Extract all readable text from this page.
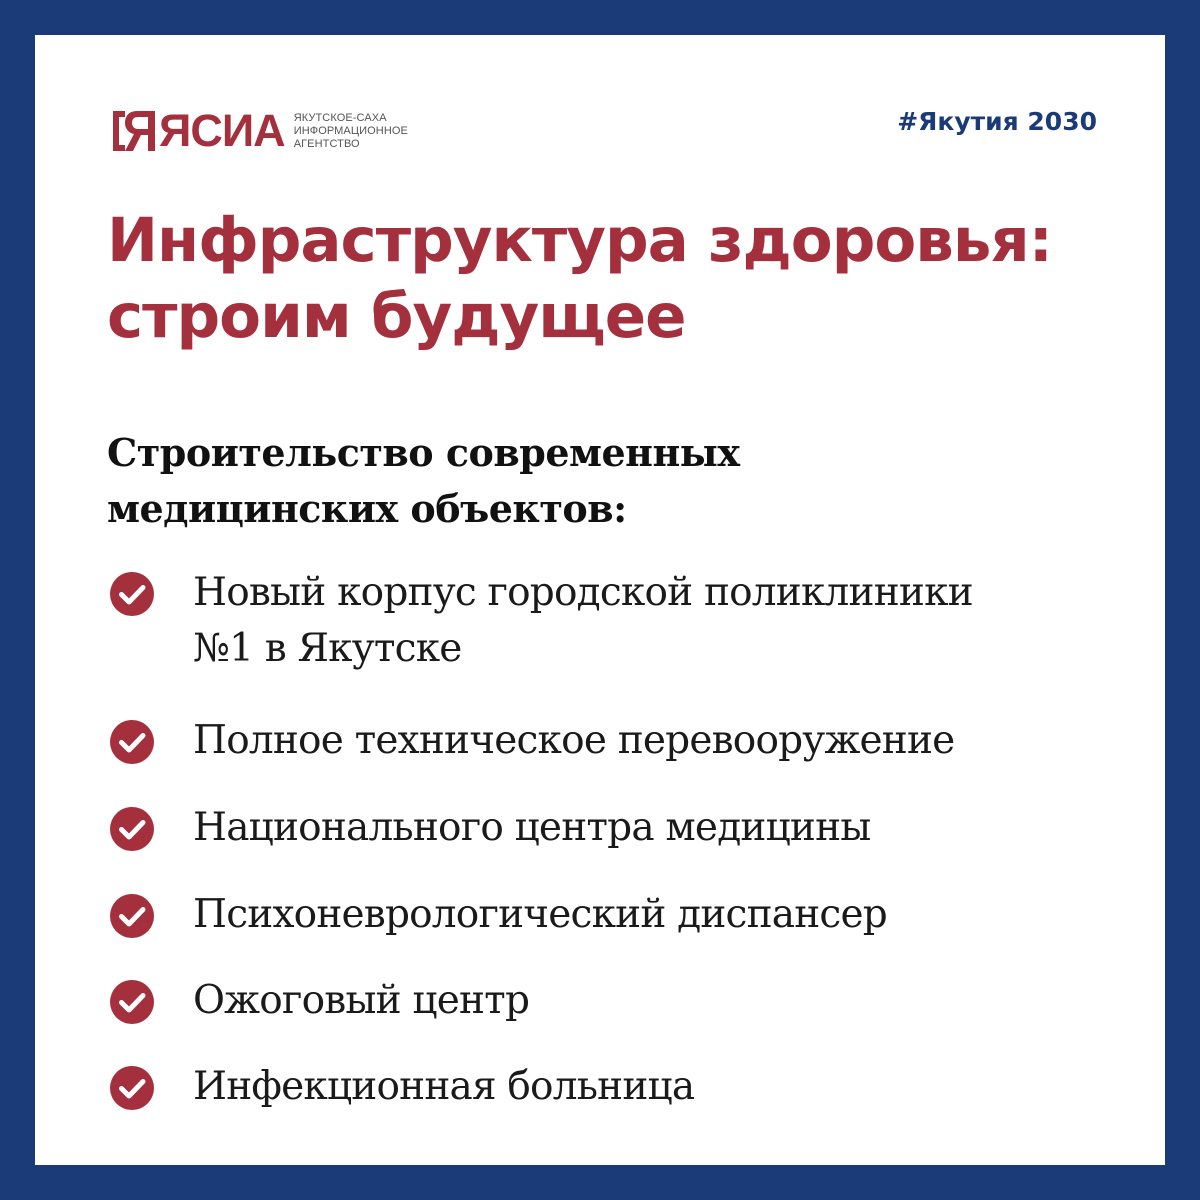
ЯСИА ЯКУТСКОЕ-САХА
ИНФОРМАЦИОННОЕ
АГЕНТСТВО
#Якутия 2030
Инфраструктура здоровья:
строим будущее
Строительство современных
медицинских объектов:
Новый корпус городской поликлиники
№1 в Якутске
Полное техническое перевооружение
Национального центра медицины
Психоневрологический диспансер
Ожоговый центр
Инфекционная больница
